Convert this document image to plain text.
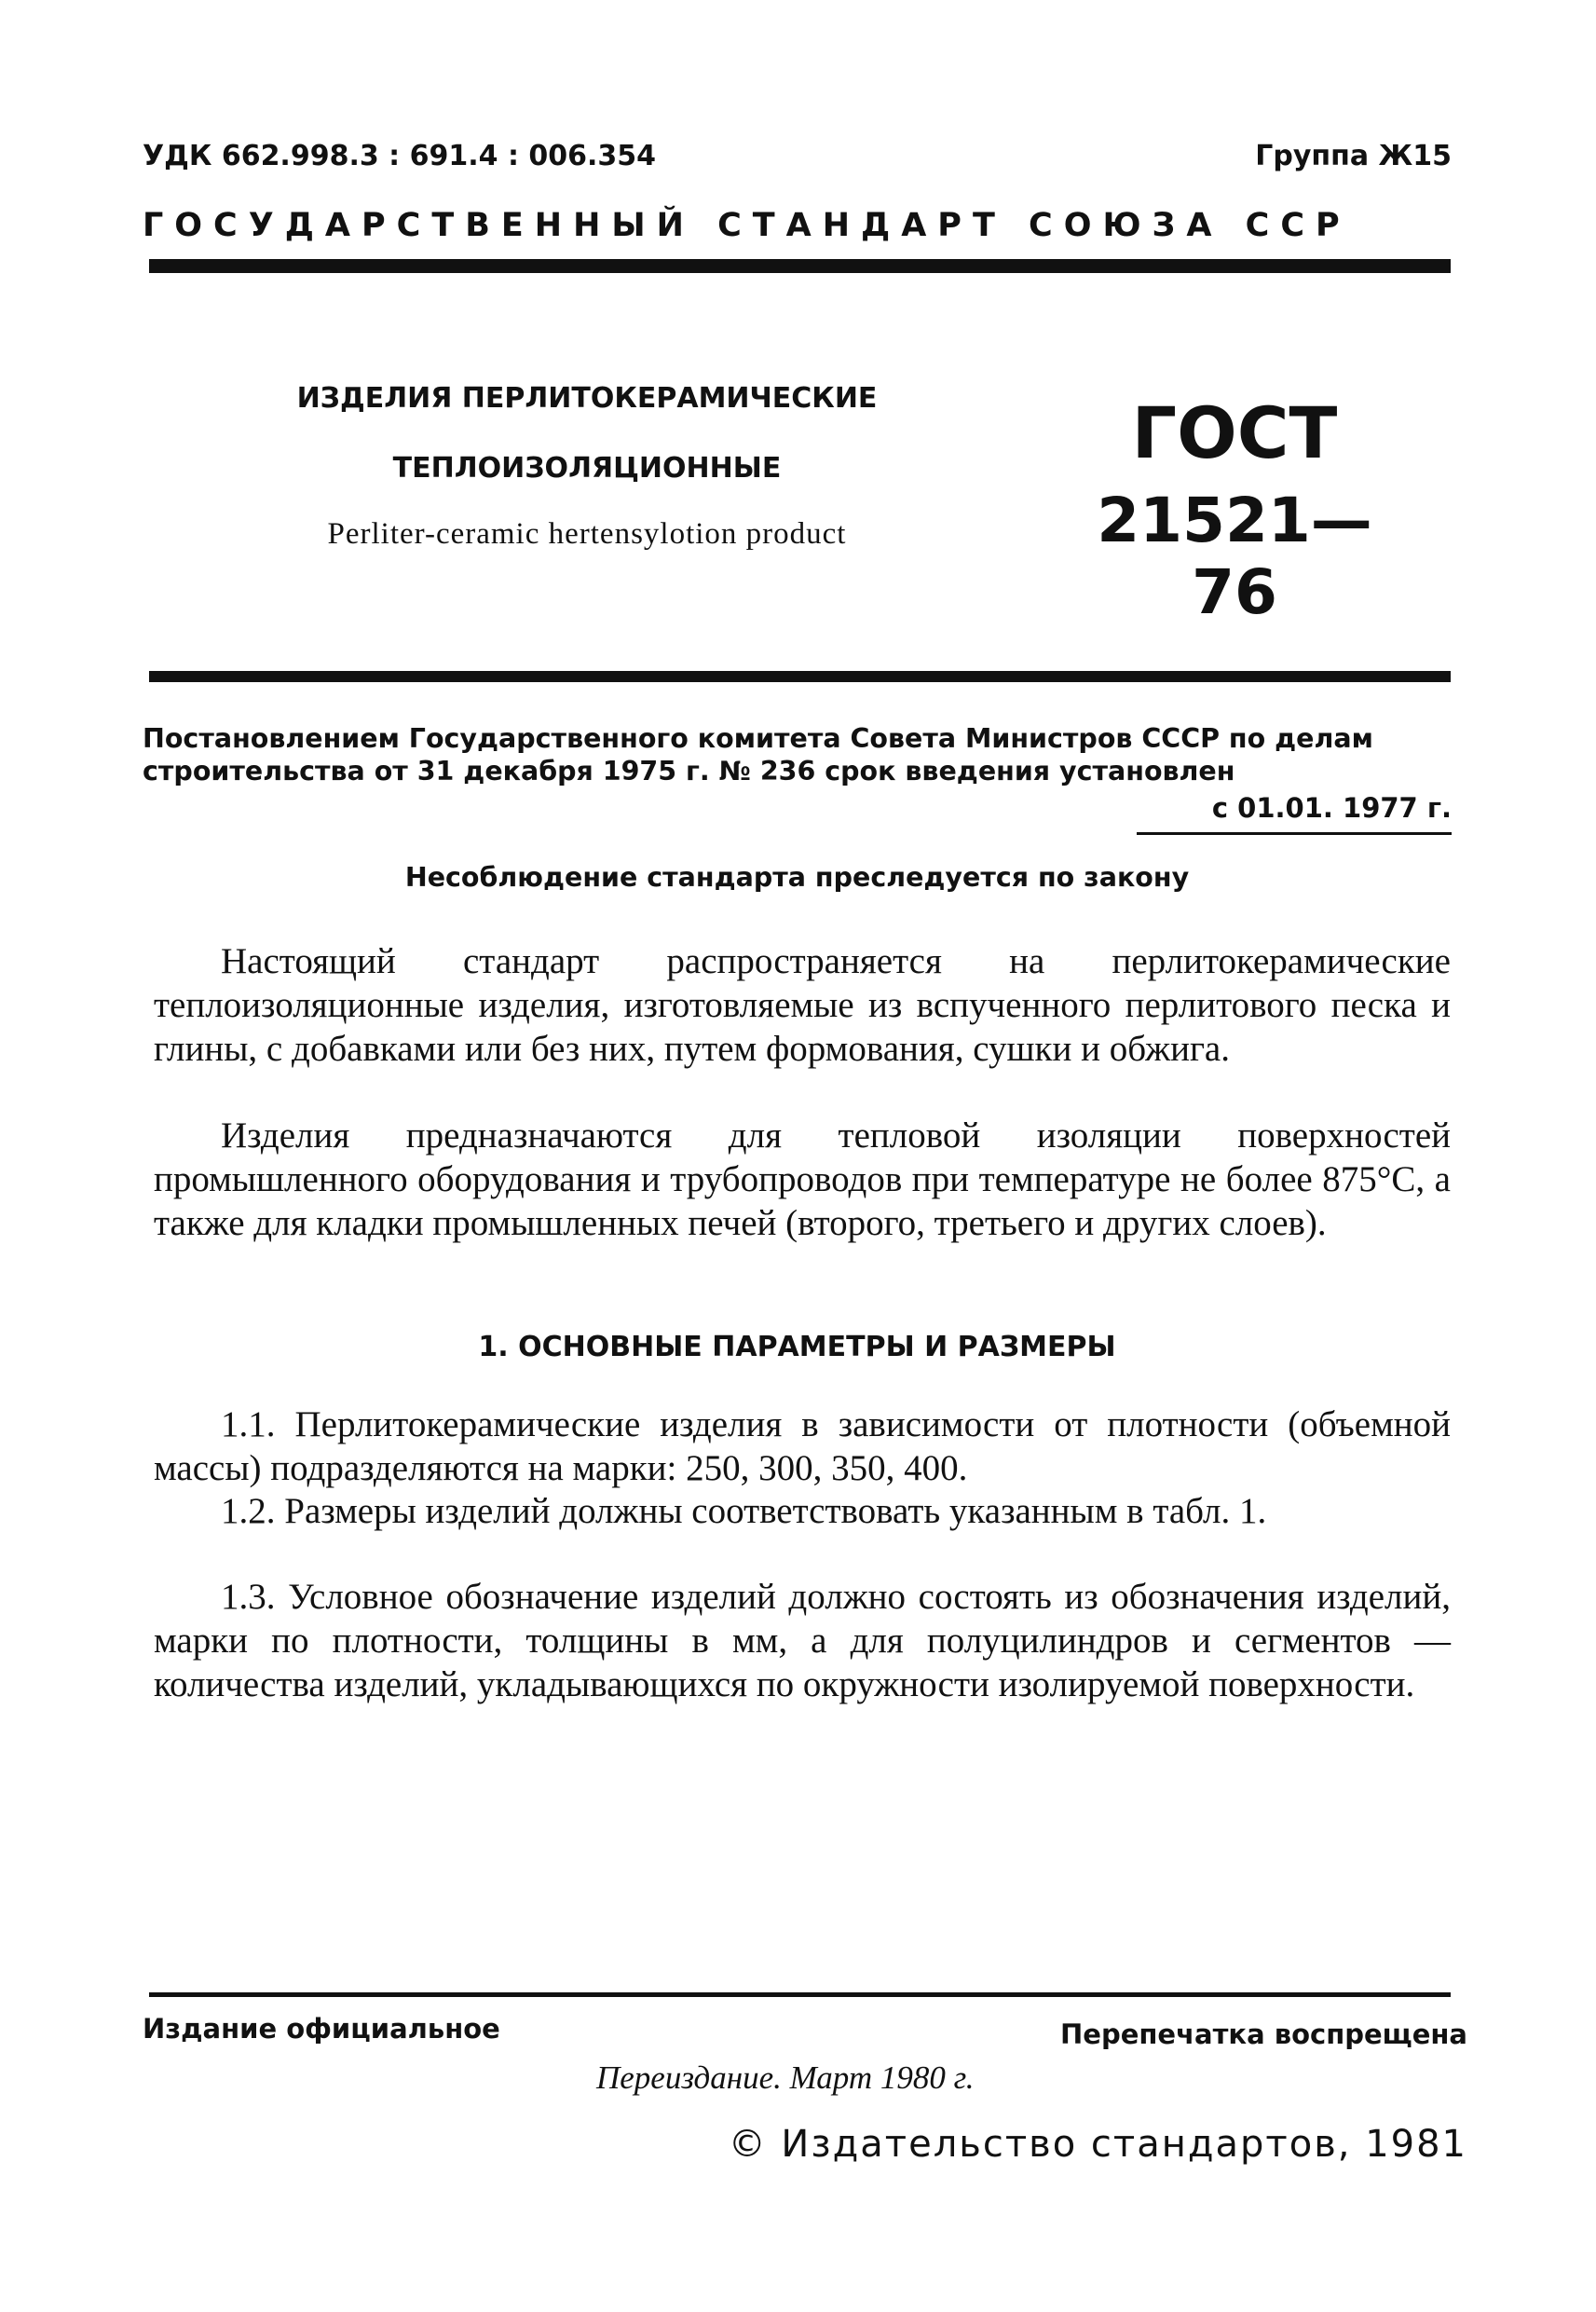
УДК 662.998.3 : 691.4 : 006.354	Группа Ж15
ГОСУДАРСТВЕННЫЙ СТАНДАРТ СОЮЗА ССР
ИЗДЕЛИЯ ПЕРЛИТОКЕРАМИЧЕСКИЕ
ТЕПЛОИЗОЛЯЦИОННЫЕ
Perliter-ceramic hertensylotion product
ГОСТ
21521—76
Постановлением Государственного комитета Совета Министров СССР по делам
строительства от 31 декабря 1975 г. № 236 срок введения установлен
с 01.01. 1977 г.
Несоблюдение стандарта преследуется по закону
Настоящий стандарт распространяется на перлитокерамические теплоизоляционные изделия, изготовляемые из вспученного перлитового песка и глины, с добавками или без них, путем формования, сушки и обжига.
Изделия предназначаются для тепловой изоляции поверхностей промышленного оборудования и трубопроводов при температуре не более 875°С, а также для кладки промышленных печей (второго, третьего и других слоев).
1. ОСНОВНЫЕ ПАРАМЕТРЫ И РАЗМЕРЫ
1.1. Перлитокерамические изделия в зависимости от плотности (объемной массы) подразделяются на марки: 250, 300, 350, 400.
1.2. Размеры изделий должны соответствовать указанным в табл. 1.
1.3. Условное обозначение изделий должно состоять из обозначения изделий, марки по плотности, толщины в мм, а для полуцилиндров и сегментов — количества изделий, укладывающихся по окружности изолируемой поверхности.
Издание официальное	Перепечатка воспрещена
Переиздание. Март 1980 г.
© Издательство стандартов, 1981
